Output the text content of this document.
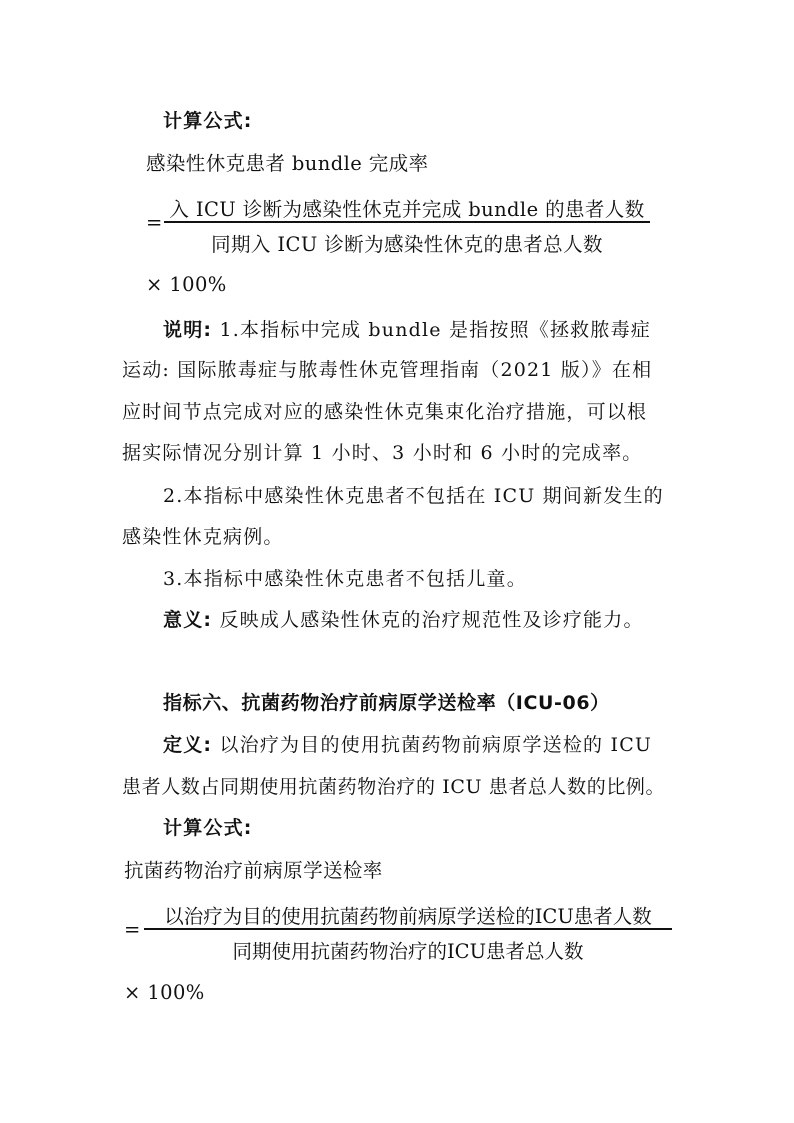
计算公式:
感染性休克患者 bundle 完成率
=
入 ICU 诊断为感染性休克并完成 bundle 的患者人数
同期入 ICU 诊断为感染性休克的患者总人数
× 100%
说明: 1.本指标中完成 bundle 是指按照《拯救脓毒症
运动: 国际脓毒症与脓毒性休克管理指南（2021 版）》在相
应时间节点完成对应的感染性休克集束化治疗措施，可以根
据实际情况分别计算 1 小时、3 小时和 6 小时的完成率。
2.本指标中感染性休克患者不包括在 ICU 期间新发生的
感染性休克病例。
3.本指标中感染性休克患者不包括儿童。
意义: 反映成人感染性休克的治疗规范性及诊疗能力。
指标六、抗菌药物治疗前病原学送检率（ICU-06）
定义: 以治疗为目的使用抗菌药物前病原学送检的 ICU
患者人数占同期使用抗菌药物治疗的 ICU 患者总人数的比例。
计算公式:
抗菌药物治疗前病原学送检率
=
以治疗为目的使用抗菌药物前病原学送检的ICU患者人数
同期使用抗菌药物治疗的ICU患者总人数
× 100%
